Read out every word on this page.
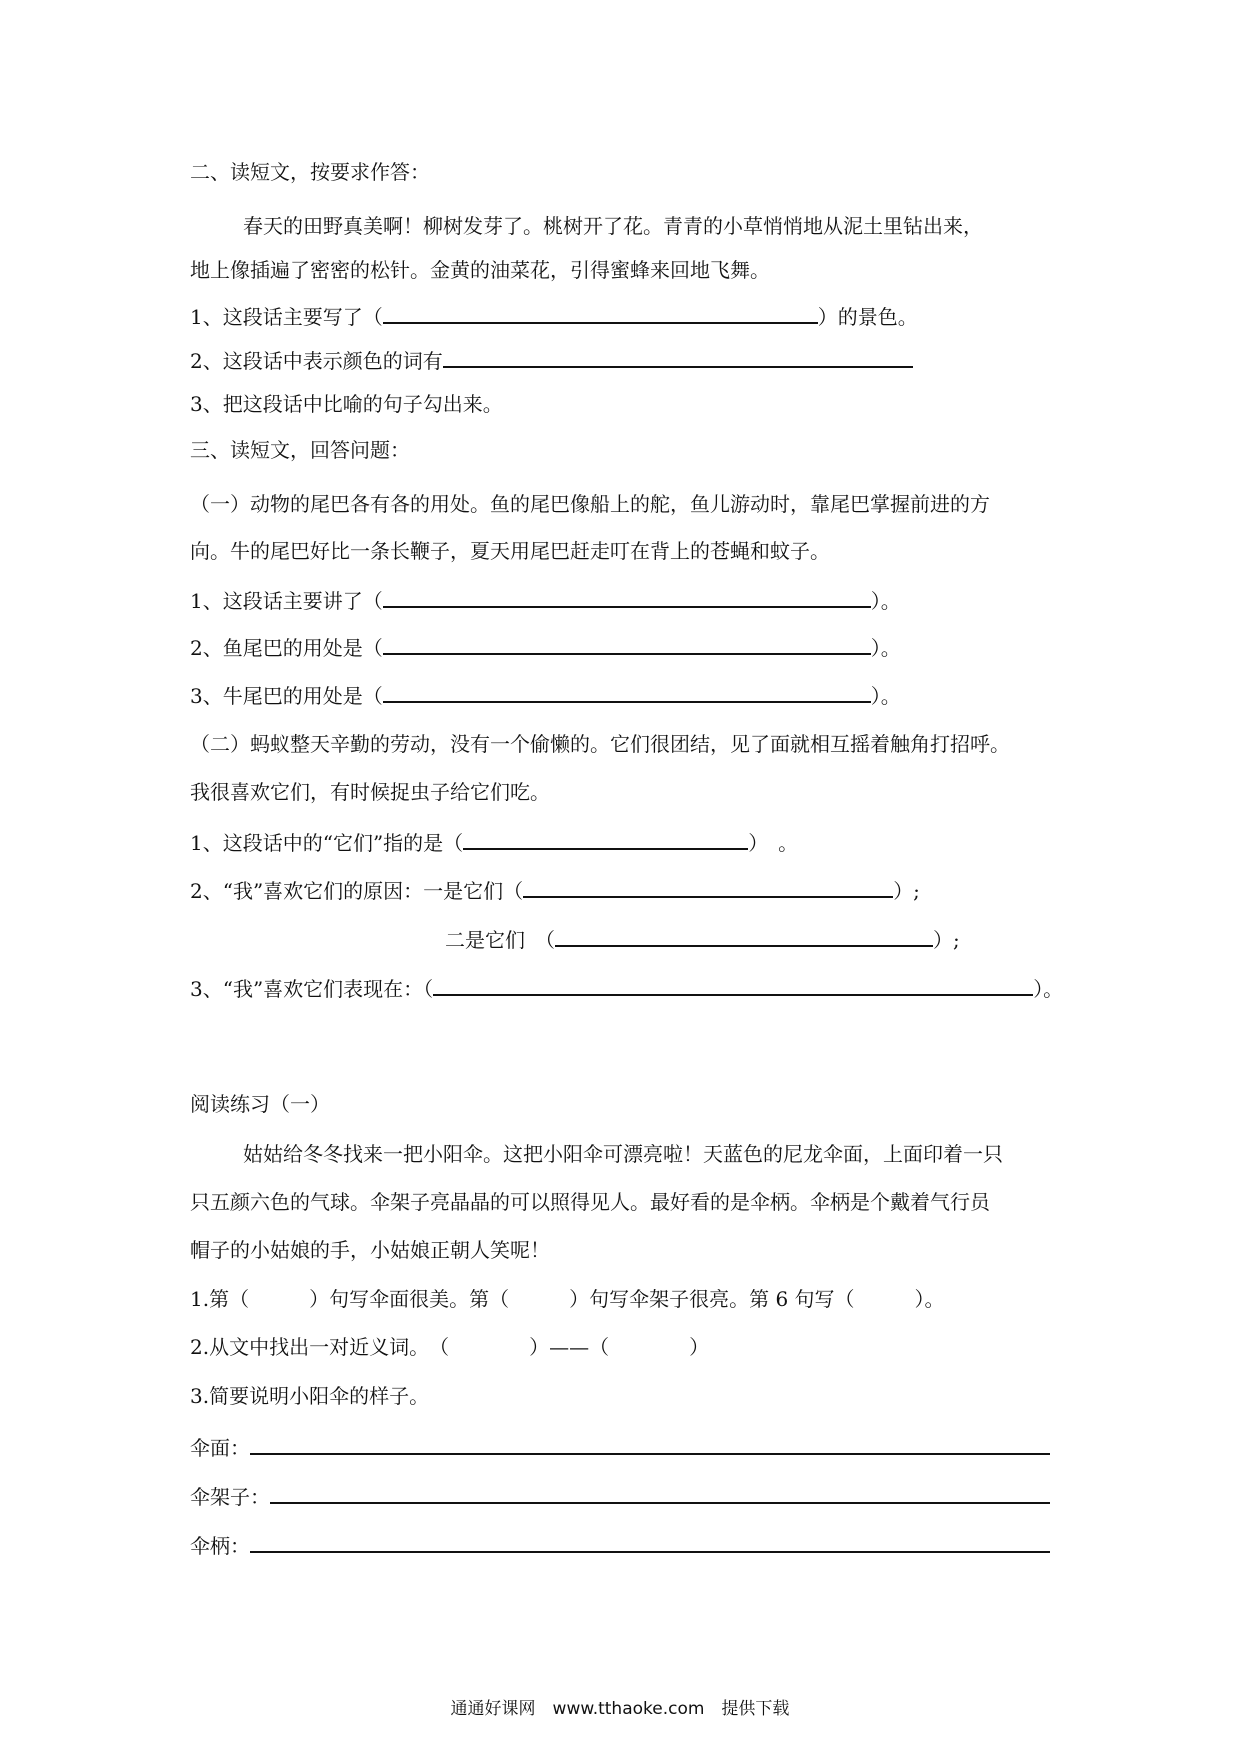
二、读短文，按要求作答：
春天的田野真美啊！柳树发芽了。桃树开了花。青青的小草悄悄地从泥土里钻出来，
地上像插遍了密密的松针。金黄的油菜花，引得蜜蜂来回地飞舞。
1、这段话主要写了（	）的景色。
2、这段话中表示颜色的词有
3、把这段话中比喻的句子勾出来。
三、读短文，回答问题：
（一）动物的尾巴各有各的用处。鱼的尾巴像船上的舵，鱼儿游动时，靠尾巴掌握前进的方
向。牛的尾巴好比一条长鞭子，夏天用尾巴赶走叮在背上的苍蝇和蚊子。
1、这段话主要讲了（	）。
2、鱼尾巴的用处是（	）。
3、牛尾巴的用处是（	）。
（二）蚂蚁整天辛勤的劳动，没有一个偷懒的。它们很团结，见了面就相互摇着触角打招呼。
我很喜欢它们，有时候捉虫子给它们吃。
1、这段话中的“它们”指的是（	）　。
2、“我”喜欢它们的原因：一是它们（	）;
二是它们　（	）;
3、“我”喜欢它们表现在：（	）。
阅读练习（一）
姑姑给冬冬找来一把小阳伞。这把小阳伞可漂亮啦！天蓝色的尼龙伞面，上面印着一只
只五颜六色的气球。伞架子亮晶晶的可以照得见人。最好看的是伞柄。伞柄是个戴着气行员
帽子的小姑娘的手，小姑娘正朝人笑呢！
1.第（　　　）句写伞面很美。第（　　　）句写伞架子很亮。第 6 句写（　　　）。
2.从文中找出一对近义词。　（　　　　）——（　　　　）
3.简要说明小阳伞的样子。
伞面：
伞架子：
伞柄：
通通好课网　www.tthaoke.com　提供下载
